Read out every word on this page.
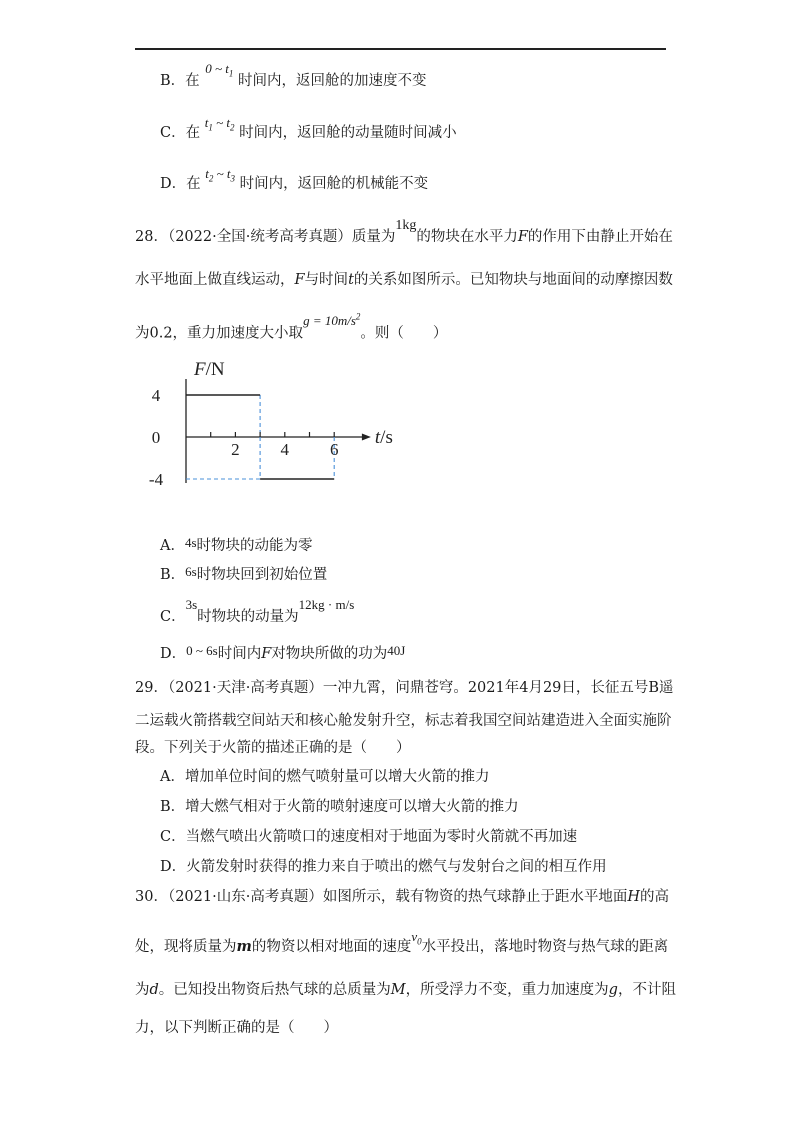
B．在 0 ~ $t_1$ 时间内，返回舱的加速度不变
C．在 $t_1$ ~ $t_2$ 时间内，返回舱的动量随时间减小
D．在 $t_2$ ~ $t_3$ 时间内，返回舱的机械能不变
28．（2022·全国·统考高考真题）质量为1kg的物块在水平力F的作用下由静止开始在
水平地面上做直线运动，F与时间t的关系如图所示。已知物块与地面间的动摩擦因数
为0.2，重力加速度大小取$g = 10m/s^2$。则（　　）
2 4 6
4
0
-4
F/N
t/s
A．4s时物块的动能为零
B．6s时物块回到初始位置
C．3s时物块的动量为12kg · m/s
D．0 ~ 6s时间内F对物块所做的功为40J
29．（2021·天津·高考真题）一冲九霄，问鼎苍穹。2021年4月29日，长征五号B遥
二运载火箭搭载空间站天和核心舱发射升空，标志着我国空间站建造进入全面实施阶
段。下列关于火箭的描述正确的是（　　）
A．增加单位时间的燃气喷射量可以增大火箭的推力
B．增大燃气相对于火箭的喷射速度可以增大火箭的推力
C．当燃气喷出火箭喷口的速度相对于地面为零时火箭就不再加速
D．火箭发射时获得的推力来自于喷出的燃气与发射台之间的相互作用
30．（2021·山东·高考真题）如图所示，载有物资的热气球静止于距水平地面H的高
处，现将质量为m的物资以相对地面的速度$v_0$水平投出，落地时物资与热气球的距离
为d。已知投出物资后热气球的总质量为M，所受浮力不变，重力加速度为g，不计阻
力，以下判断正确的是（　　）
